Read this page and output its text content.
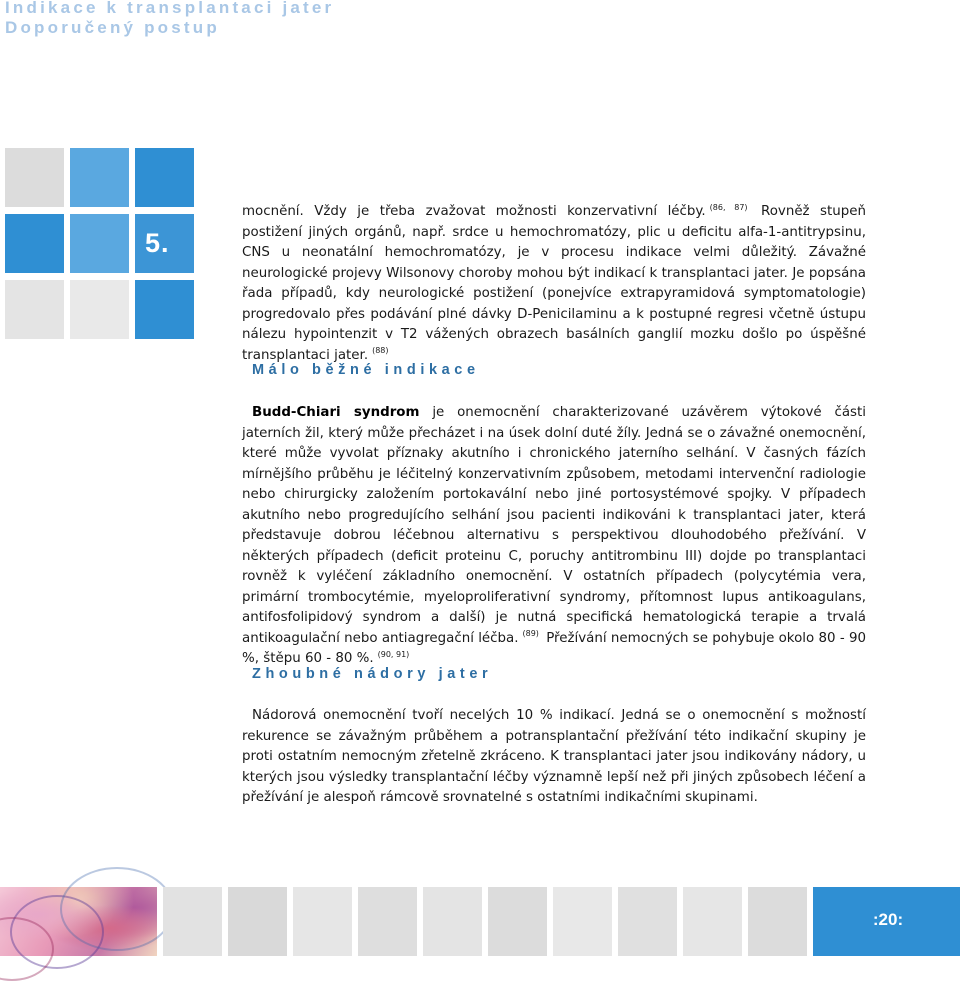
Indikace k transplantaci jater
Doporučený postup
5.

mocnění. Vždy je třeba zvažovat možnosti konzervativní léčby. $^{(86, 87)}$ Rovněž stupeň postižení jiných orgánů, např. srdce u hemochromatózy, plic u deficitu alfa-1-antitrypsinu, CNS u neonatální hemochromatózy, je v procesu indikace velmi důležitý. Závažné neurologické projevy Wilsonovy choroby mohou být indikací k transplantaci jater. Je popsána řada případů, kdy neurologické postižení (ponejvíce extrapyramidová symptomatologie) progredovalo přes podávání plné dávky D-Penicilaminu a k postupné regresi včetně ústupu nálezu hypointenzit v T2 vážených obrazech basálních ganglií mozku došlo po úspěšné transplantaci jater. $^{(88)}$

Málo běžné indikace

Budd-Chiari syndrom je onemocnění charakterizované uzávěrem výtokové části jaterních žil, který může přecházet i na úsek dolní duté žíly. Jedná se o závažné onemocnění, které může vyvolat příznaky akutního i chronického jaterního selhání. V časných fázích mírnějšího průběhu je léčitelný konzervativním způsobem, metodami intervenční radiologie nebo chirurgicky založením portokavální nebo jiné portosystémové spojky. V případech akutního nebo progredujícího selhání jsou pacienti indikováni k transplantaci jater, která představuje dobrou léčebnou alternativu s perspektivou dlouhodobého přežívání. V některých případech (deficit proteinu C, poruchy antitrombinu III) dojde po transplantaci rovněž k vyléčení základního onemocnění. V ostatních případech (polycytémia vera, primární trombocytémie, myeloproliferativní syndromy, přítomnost lupus antikoagulans, antifosfolipidový syndrom a další) je nutná specifická hematologická terapie a trvalá antikoagulační nebo antiagregační léčba. $^{(89)}$ Přežívání nemocných se pohybuje okolo 80 - 90 %, štěpu 60 - 80 %. $^{(90, 91)}$

Zhoubné nádory jater

Nádorová onemocnění tvoří necelých 10 % indikací. Jedná se o onemocnění s možností rekurence se závažným průběhem a potransplantační přežívání této indikační skupiny je proti ostatním nemocným zřetelně zkráceno. K transplantaci jater jsou indikovány nádory, u kterých jsou výsledky transplantační léčby významně lepší než při jiných způsobech léčení a přežívání je alespoň rámcově srovnatelné s ostatními indikačními skupinami.

:20:
